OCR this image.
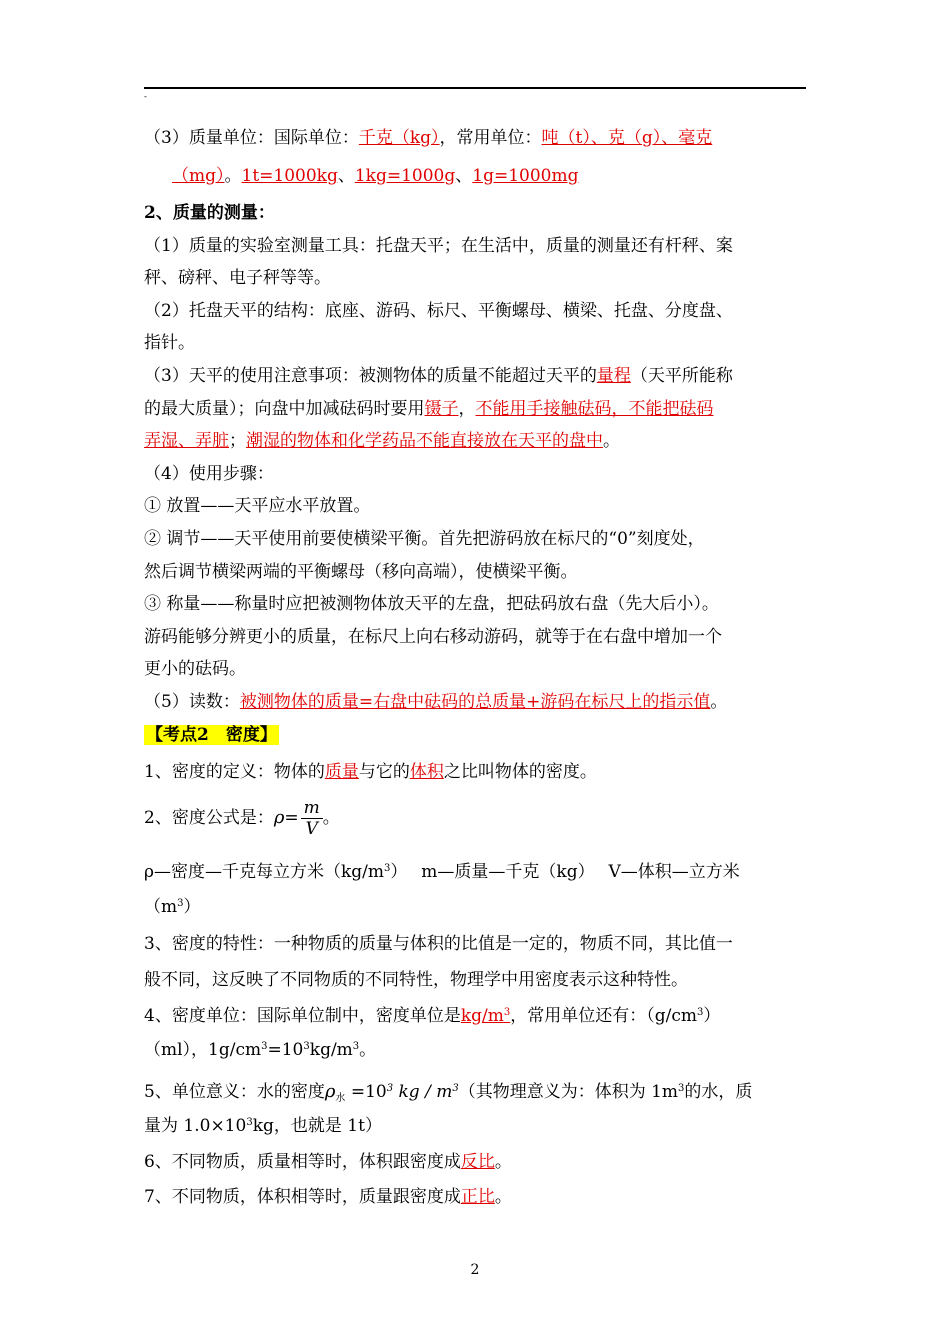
-
（3）质量单位：国际单位：千克（kg），常用单位：吨（t）、克（g）、毫克
（mg）。1t=1000kg、1kg=1000g、1g=1000mg
2、质量的测量：
（1）质量的实验室测量工具：托盘天平；在生活中，质量的测量还有杆秤、案
秤、磅秤、电子秤等等。
（2）托盘天平的结构：底座、游码、标尺、平衡螺母、横梁、托盘、分度盘、
指针。
（3）天平的使用注意事项：被测物体的质量不能超过天平的量程（天平所能称
的最大质量）；向盘中加减砝码时要用镊子，不能用手接触砝码，不能把砝码
弄湿、弄脏；潮湿的物体和化学药品不能直接放在天平的盘中。
（4）使用步骤：
① 放置——天平应水平放置。
② 调节——天平使用前要使横梁平衡。首先把游码放在标尺的“0”刻度处，
然后调节横梁两端的平衡螺母（移向高端），使横梁平衡。
③ 称量——称量时应把被测物体放天平的左盘，把砝码放右盘（先大后小）。
游码能够分辨更小的质量，在标尺上向右移动游码，就等于在右盘中增加一个
更小的砝码。
（5）读数：被测物体的质量=右盘中砝码的总质量+游码在标尺上的指示值。
【考点2　密度】
1、密度的定义：物体的质量与它的体积之比叫物体的密度。
2、密度公式是：$\rho= \frac{m}{V}$ 。
ρ—密度—千克每立方米$(kg/m^3)$　 m—质量—千克（kg）　 V—体积—立方米
$(m^3)$
3、密度的特性：一种物质的质量与体积的比值是一定的，物质不同，其比值一
般不同，这反映了不同物质的不同特性，物理学中用密度表示这种特性。
4、密度单位：国际单位制中，密度单位是$kg/m^3$，常用单位还有：$(g/cm^3)$
（ml），$1g/cm^3=10^3kg/m^3$。
5、单位意义：水的密度$\rho_水 =10^3$ kg / $m^3$（其物理意义为：体积为 $1m^3$的水，质
量为 $1.0\times 10^3kg$，也就是 1t）
6、不同物质，质量相等时，体积跟密度成反比。
7、不同物质，体积相等时，质量跟密度成正比。
2
